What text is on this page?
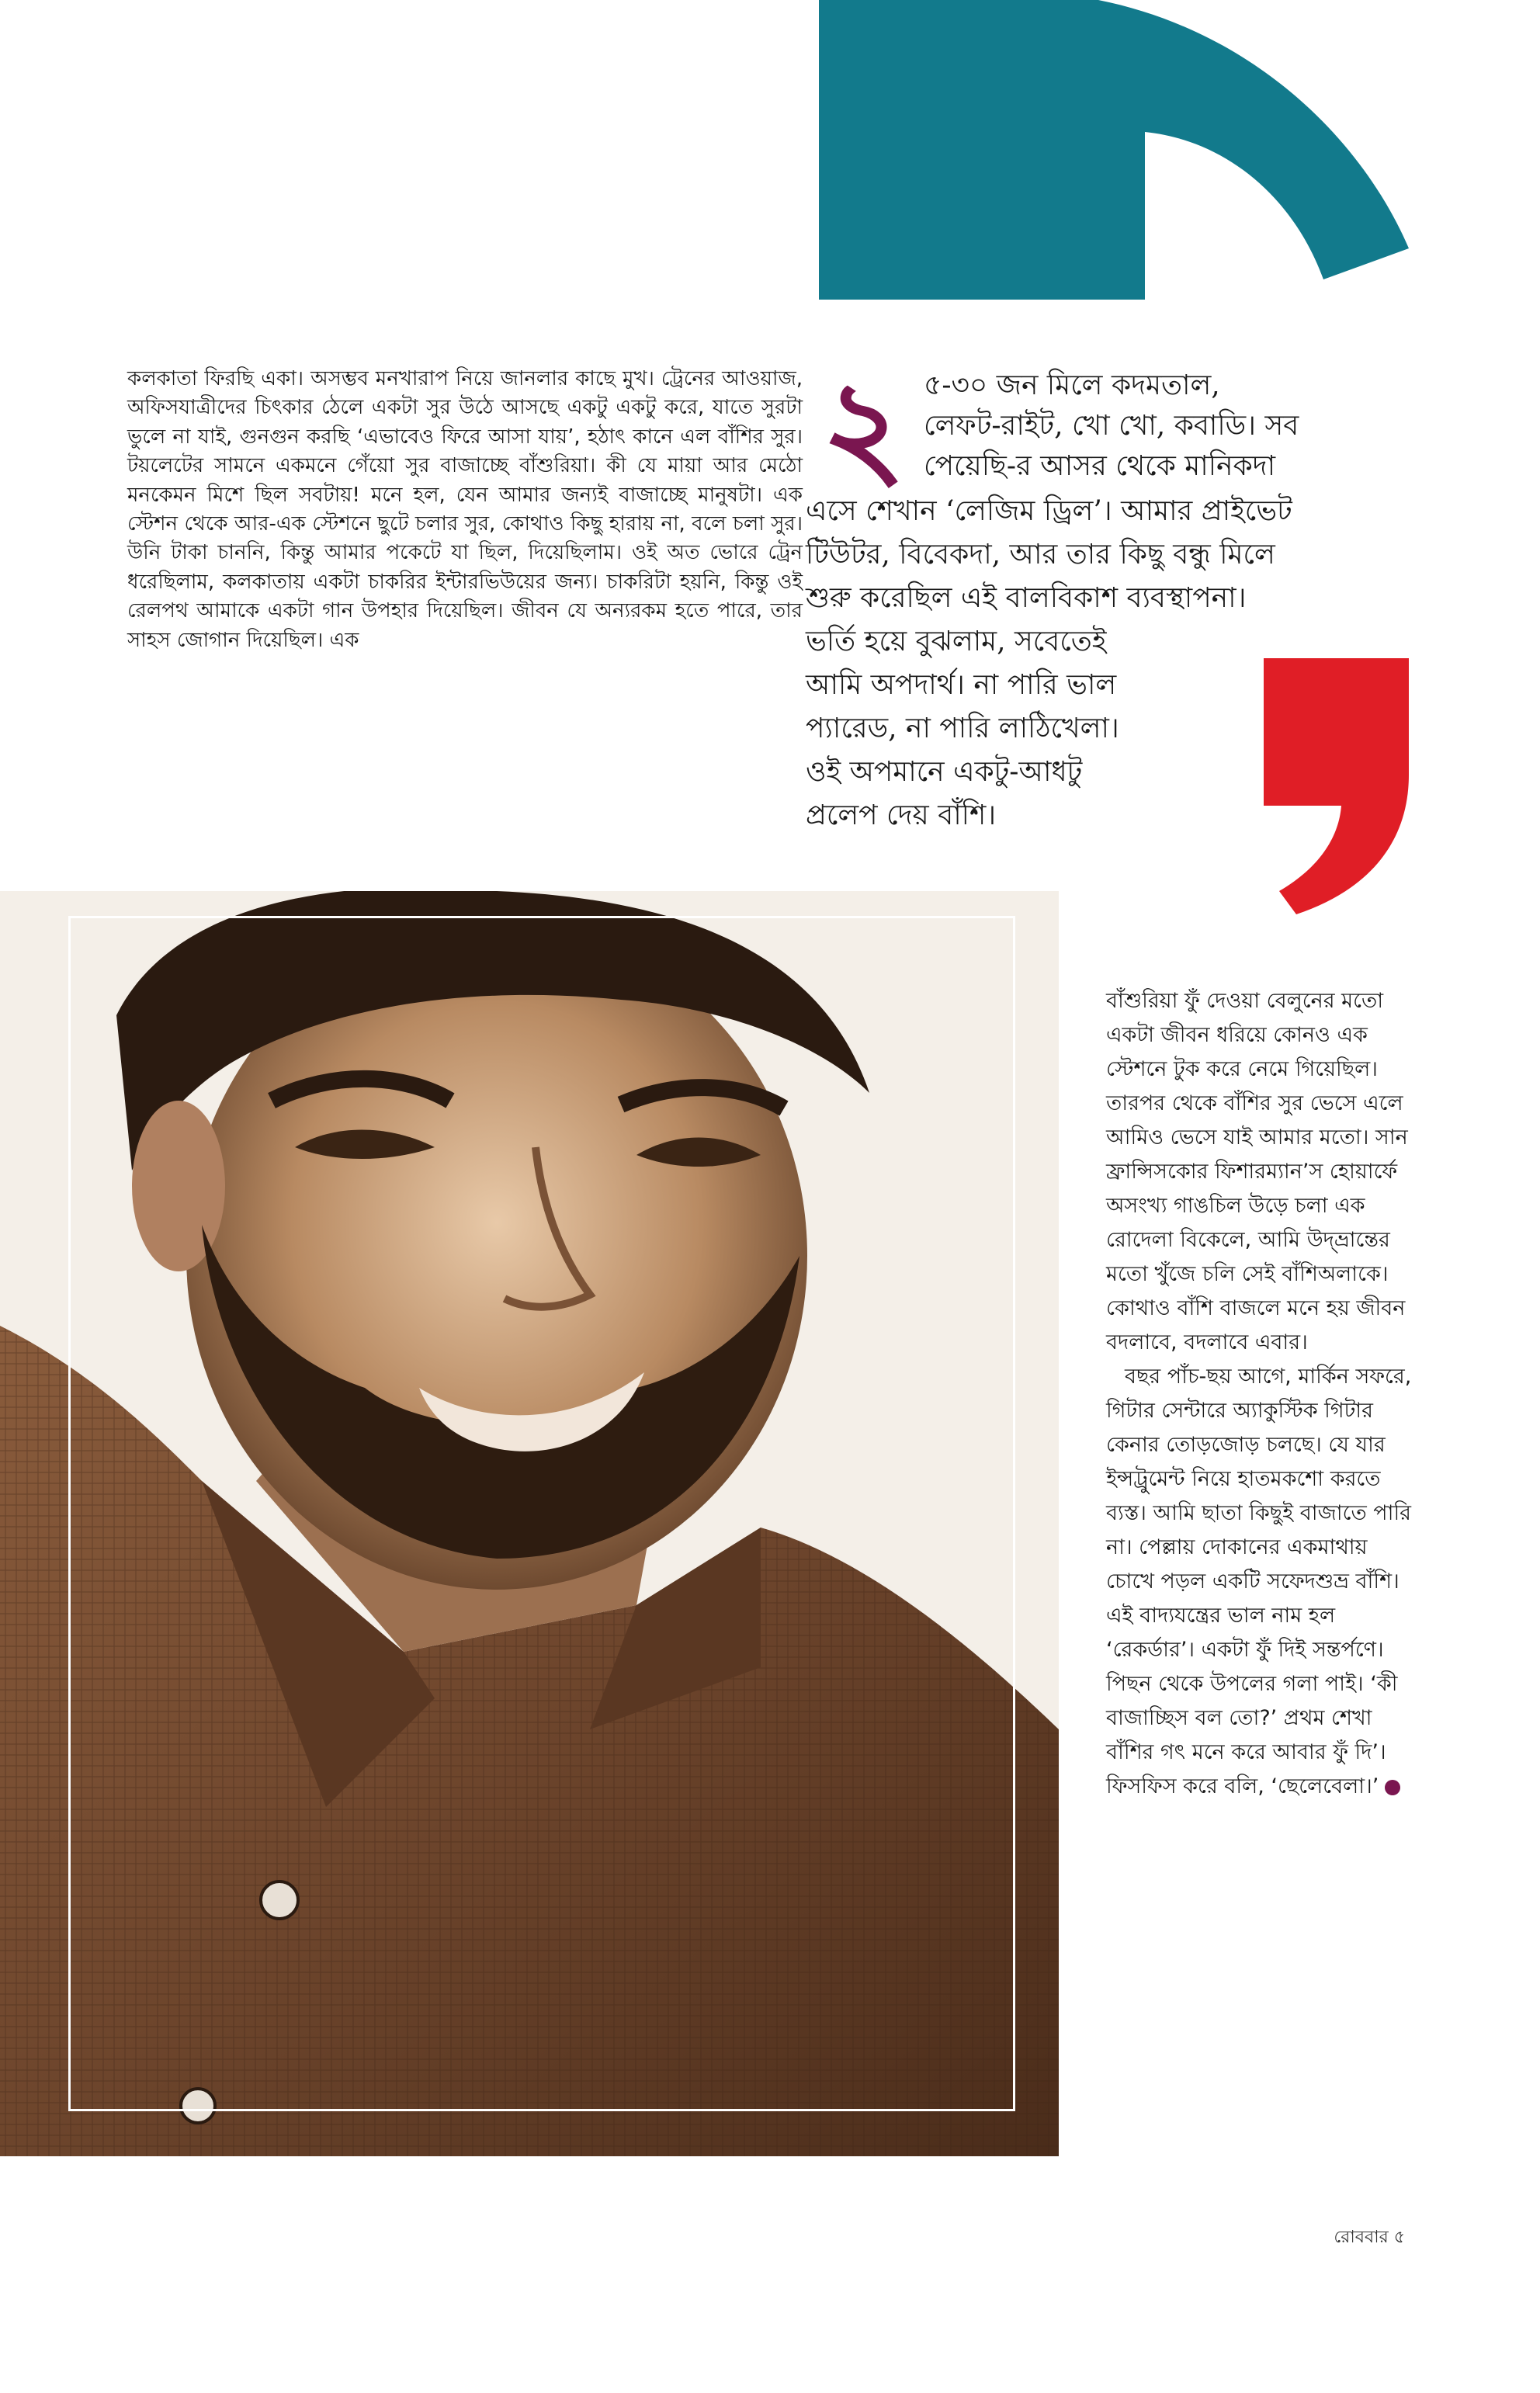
কলকাতা ফিরছি একা। অসম্ভব মনখারাপ নিয়ে জানলার কাছে মুখ। ট্রেনের আওয়াজ, অফিসযাত্রীদের চিৎকার ঠেলে একটা সুর উঠে আসছে একটু একটু করে, যাতে সুরটা ভুলে না যাই, গুনগুন করছি ‘এভাবেও ফিরে আসা যায়’, হঠাৎ কানে এল বাঁশির সুর। টয়লেটের সামনে একমনে গেঁয়ো সুর বাজাচ্ছে বাঁশুরিয়া। কী যে মায়া আর মেঠো মনকেমন মিশে ছিল সবটায়! মনে হল, যেন আমার জন্যই বাজাচ্ছে মানুষটা। এক স্টেশন থেকে আর-এক স্টেশনে ছুটে চলার সুর, কোথাও কিছু হারায় না, বলে চলা সুর। উনি টাকা চাননি, কিন্তু আমার পকেটে যা ছিল, দিয়েছিলাম। ওই অত ভোরে ট্রেন ধরেছিলাম, কলকাতায় একটা চাকরির ইন্টারভিউয়ের জন্য। চাকরিটা হয়নি, কিন্তু ওই রেলপথ আমাকে একটা গান উপহার দিয়েছিল। জীবন যে অন্যরকম হতে পারে, তার সাহস জোগান দিয়েছিল। এক
২ ৫-৩০ জন মিলে কদমতাল,
লেফট-রাইট, খো খো, কবাডি। সব
পেয়েছি-র আসর থেকে মানিকদা
এসে শেখান ‘লেজিম ড্রিল’। আমার প্রাইভেট
টিউটর, বিবেকদা, আর তার কিছু বন্ধু মিলে
শুরু করেছিল এই বালবিকাশ ব্যবস্থাপনা।
ভর্তি হয়ে বুঝলাম, সবেতেই
আমি অপদার্থ। না পারি ভাল
প্যারেড, না পারি লাঠিখেলা।
ওই অপমানে একটু-আধটু
প্রলেপ দেয় বাঁশি।

বাঁশুরিয়া ফুঁ দেওয়া বেলুনের মতো একটা জীবন ধরিয়ে কোনও এক স্টেশনে টুক করে নেমে গিয়েছিল। তারপর থেকে বাঁশির সুর ভেসে এলে আমিও ভেসে যাই আমার মতো। সান ফ্রান্সিসকোর ফিশারম্যান’স হোয়ার্ফে অসংখ্য গাঙচিল উড়ে চলা এক রোদেলা বিকেলে, আমি উদ্‌ভ্রান্তের মতো খুঁজে চলি সেই বাঁশিঅলাকে। কোথাও বাঁশি বাজলে মনে হয় জীবন বদলাবে, বদলাবে এবার।

বছর পাঁচ-ছয় আগে, মার্কিন সফরে, গিটার সেন্টারে অ্যাকুস্টিক গিটার কেনার তোড়জোড় চলছে। যে যার ইন্সট্রুমেন্ট নিয়ে হাতমকশো করতে ব্যস্ত। আমি ছাতা কিছুই বাজাতে পারি না। পেল্লায় দোকানের একমাথায় চোখে পড়ল একটি সফেদশুভ্র বাঁশি। এই বাদ্যযন্ত্রের ভাল নাম হল ‘রেকর্ডার’। একটা ফুঁ দিই সন্তর্পণে। পিছন থেকে উপলের গলা পাই। ‘কী বাজাচ্ছিস বল তো?’ প্রথম শেখা বাঁশির গৎ মনে করে আবার ফুঁ দি’। ফিসফিস করে বলি, ‘ছেলেবেলা।’

রোববার ৫
